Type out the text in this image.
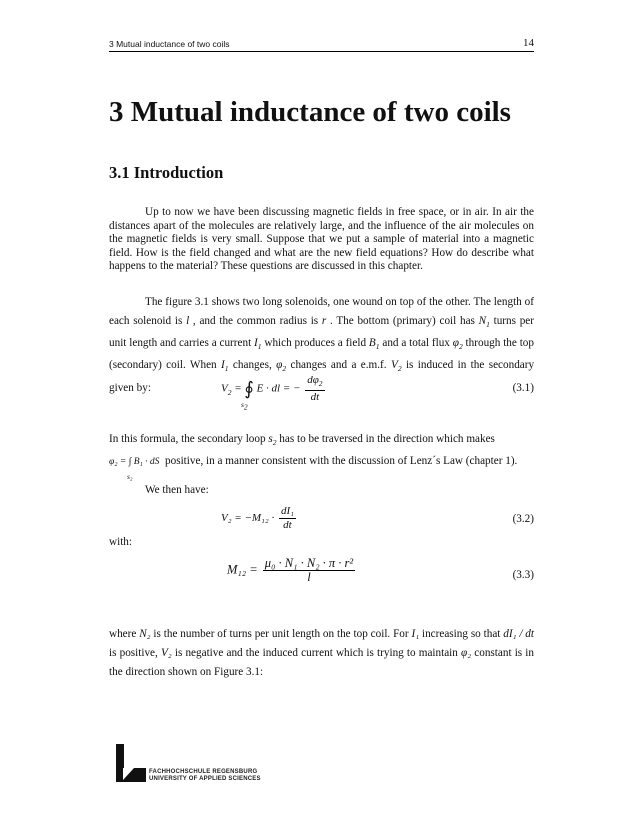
3 Mutual inductance of two coils	14
3 Mutual inductance of two coils
3.1 Introduction

Up to now we have been discussing magnetic fields in free space, or in air. In air the distances apart of the molecules are relatively large, and the influence of the air molecules on the magnetic fields is very small. Suppose that we put a sample of material into a magnetic field. How is the field changed and what are the new field equations? How do describe what happens to the material? These questions are discussed in this chapter.

The figure 3.1 shows two long solenoids, one wound on top of the other. The length of each solenoid is l , and the common radius is r . The bottom (primary) coil has $N_1$ turns per unit length and carries a current $I_1$ which produces a field $B_1$ and a total flux $\varphi_2$ through the top (secondary) coil. When $I_1$ changes, $\varphi_2$ changes and a e.m.f. $V_2$ is induced in the secondary given by:	$V_2$ = ∮ E · dl = − $\frac{d\varphi_2}{dt}$
$s_2$
(3.1)

In this formula, the secondary loop $s_2$ has to be traversed in the direction which makes
φ₂ = ∫ B₁ · dS
s₂
positive, in a manner consistent with the discussion of Lenz´s Law (chapter 1).

We then have:

$V_2 = -M_{12} \cdot \frac{\text{dI₁}}{dt}$	(3.2)

with:

$M_{12} = \frac{\text{μ₀ · N₁ · N₂ · π · r²}}{l}$	(3.3)

where N₂ is the number of turns per unit length on the top coil. For I₁ increasing so that dI₁ / dt is positive, V₂ is negative and the induced current which is trying to maintain φ₂ constant is in the direction shown on Figure 3.1:

FACHHOCHSCHULE REGENSBURG
UNIVERSITY OF APPLIED SCIENCES
